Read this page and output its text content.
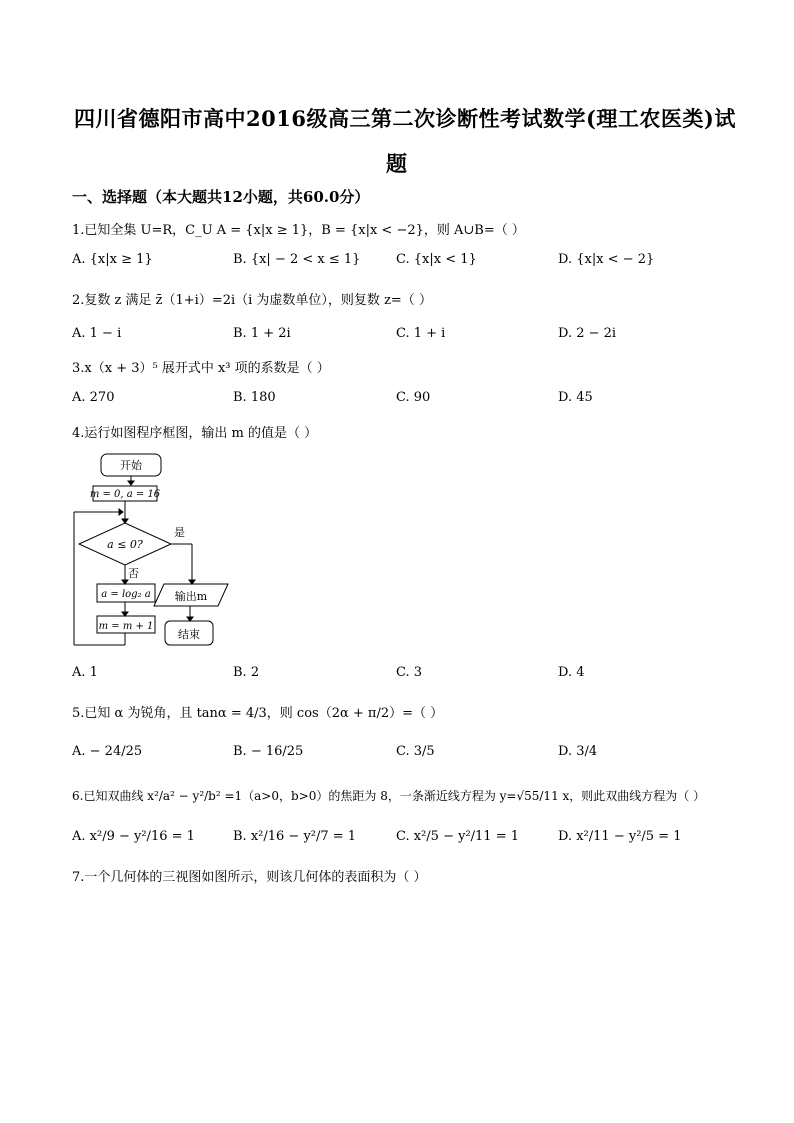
四川省德阳市高中2016级高三第二次诊断性考试数学(理工农医类)试
题
一、选择题（本大题共12小题，共60.0分）
1.已知全集 U=R，C_U A = {x|x ≥ 1}，B = {x|x < −2}，则 A∪B=（ ）
A. {x|x ≥ 1}	B. {x| − 2 < x ≤ 1}	C. {x|x < 1}	D. {x|x < − 2}
2.复数 z 满足 z̄（1+i）=2i（i 为虚数单位），则复数 z=（ ）
A. 1 − i	B. 1 + 2i	C. 1 + i	D. 2 − 2i
3.x（x + 3）⁵ 展开式中 x³ 项的系数是（ ）
A. 270	B. 180	C. 90	D. 45
4.运行如图程序框图，输出 m 的值是（ ）
开始
m = 0, a = 16
a ≤ 0?
是
否
a = log₂ a
m = m + 1
输出m
结束
A. 1	B. 2	C. 3	D. 4
5.已知 α 为锐角，且 tanα = 4/3，则 cos（2α + π/2）=（ ）
A. − 24/25	B. − 16/25	C. 3/5	D. 3/4
6.已知双曲线 x²/a² − y²/b² =1（a>0，b>0）的焦距为 8，一条渐近线方程为 y=√55/11 x，则此双曲线方程为（ ）
A. x²/9 − y²/16 = 1	B. x²/16 − y²/7 = 1	C. x²/5 − y²/11 = 1	D. x²/11 − y²/5 = 1
7.一个几何体的三视图如图所示，则该几何体的表面积为（ ）
